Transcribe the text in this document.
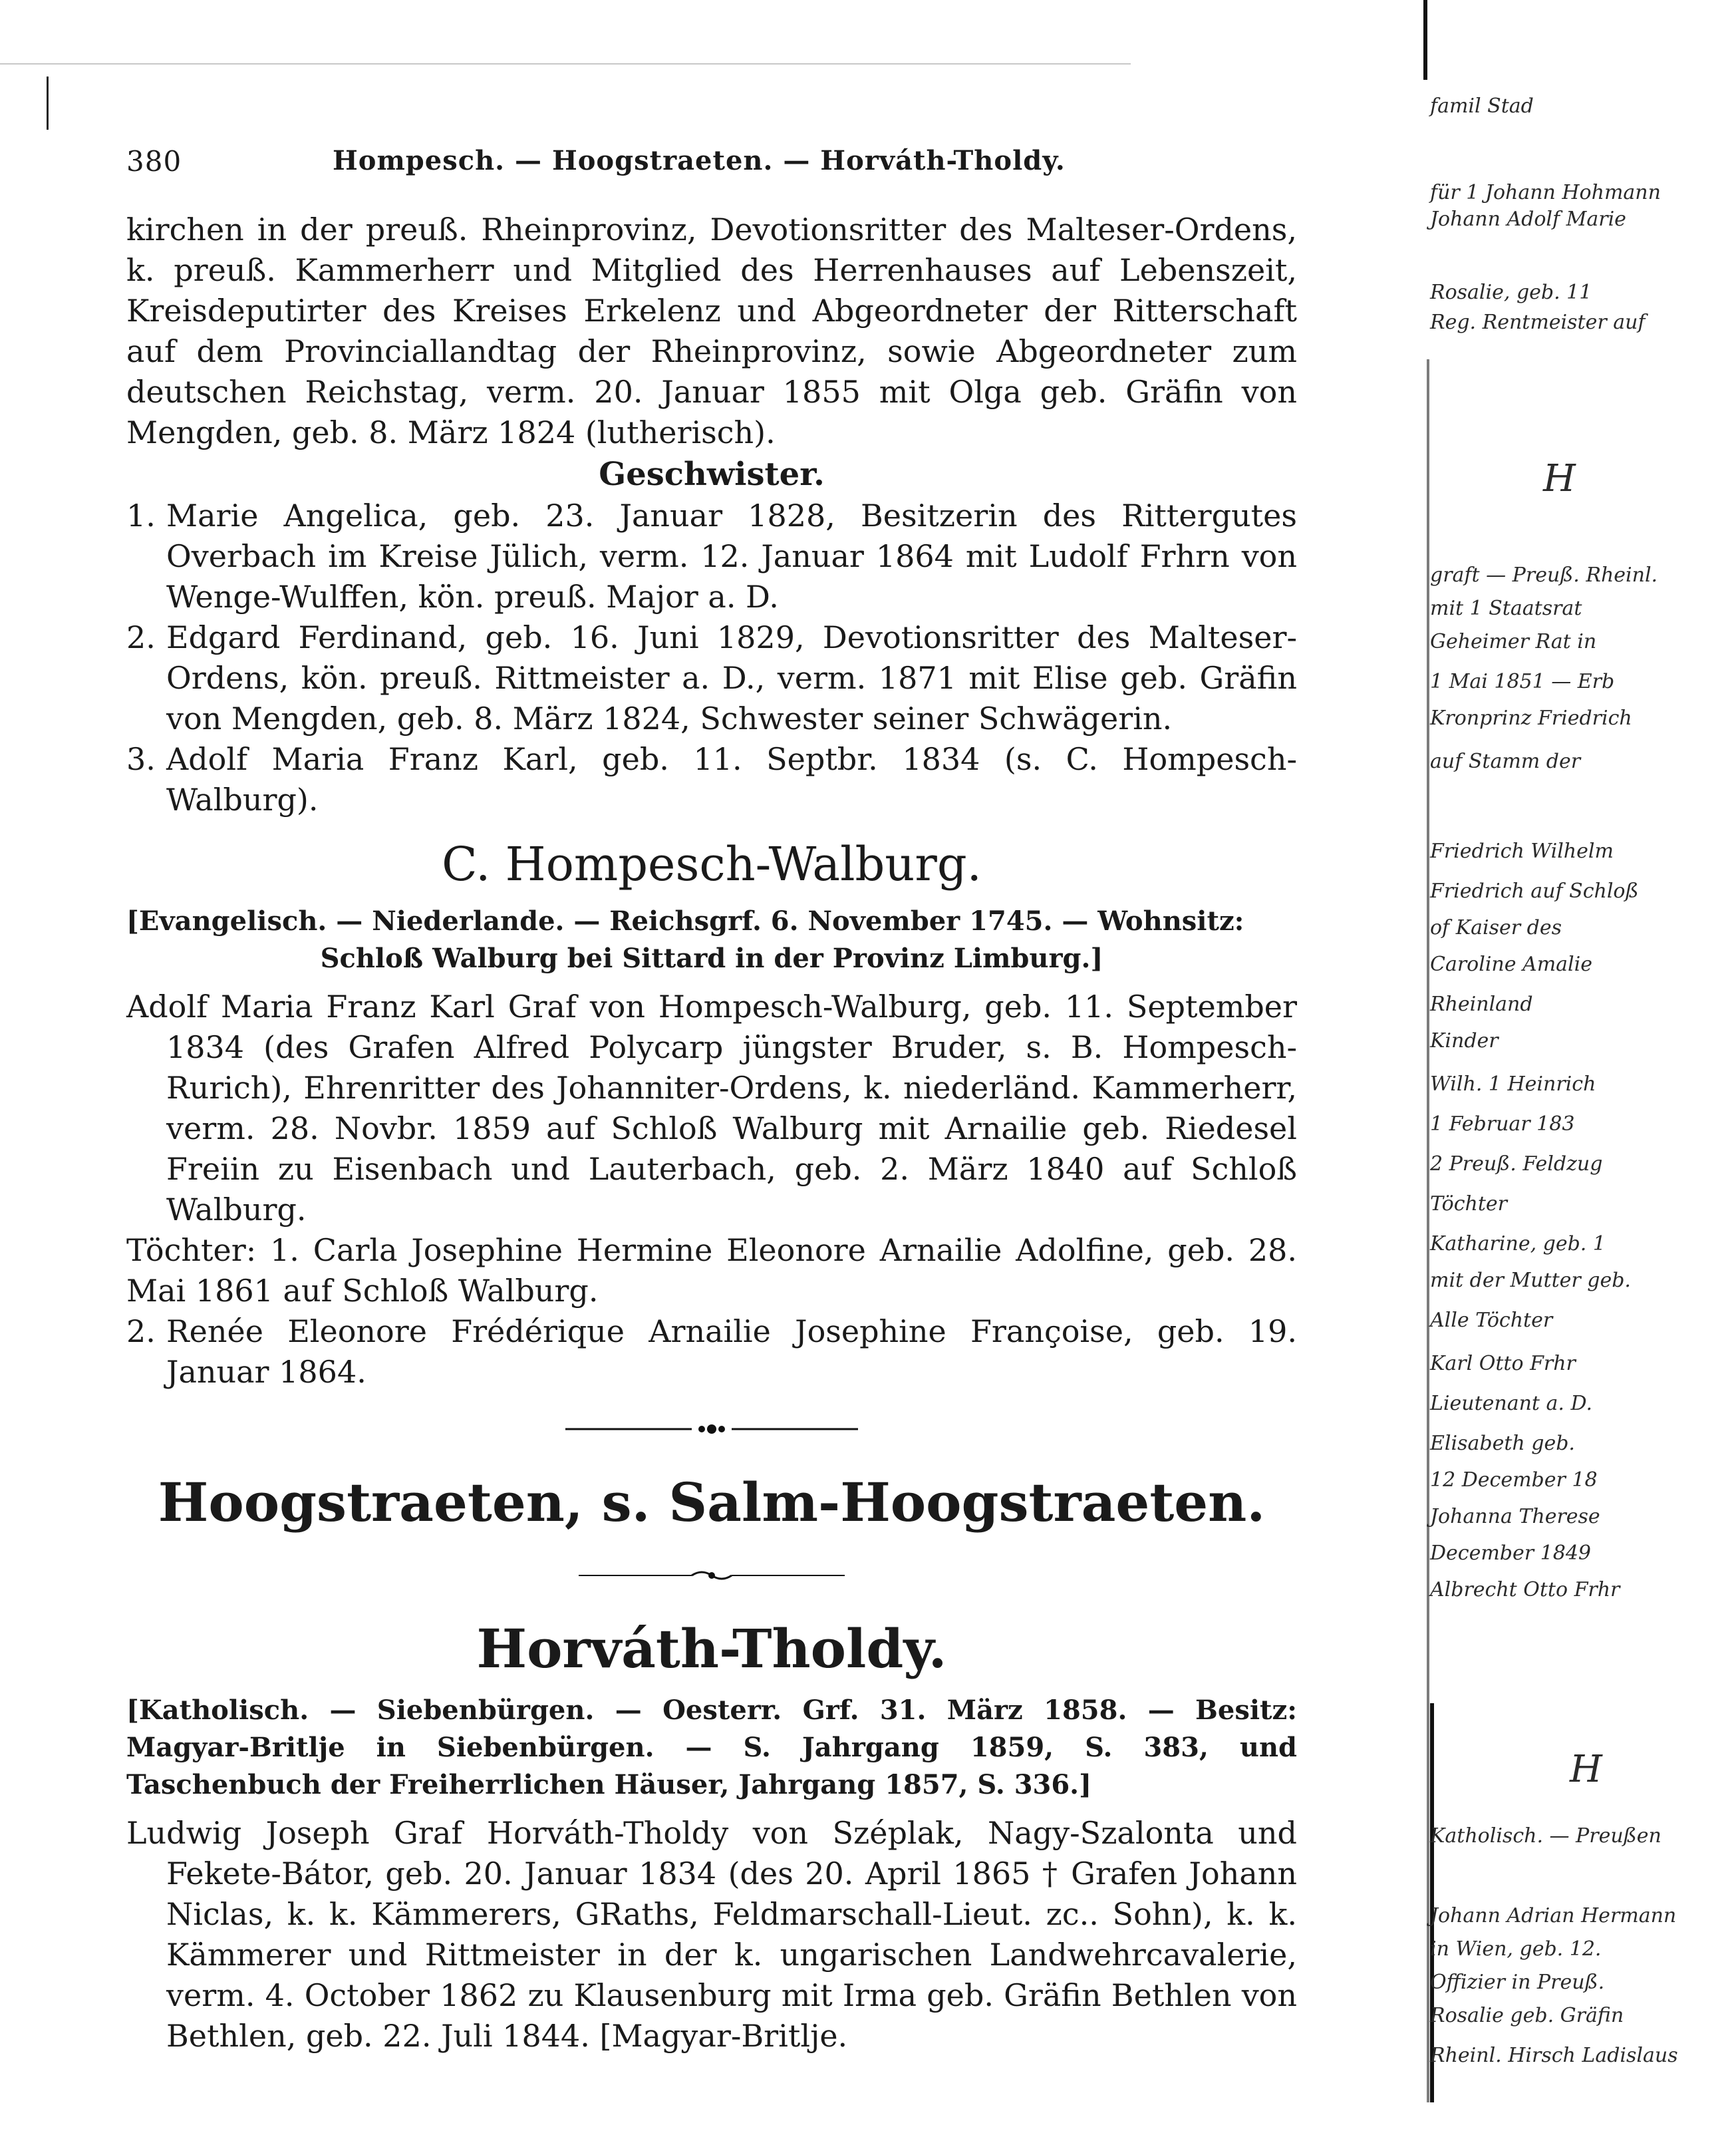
380	Hompesch. — Hoogstraeten. — Horváth-Tholdy.

kirchen in der preuß. Rheinprovinz, Devotionsritter des Malteser-Ordens, k. preuß. Kammerherr und Mitglied des Herrenhauses auf Lebenszeit, Kreisdeputirter des Kreises Erkelenz und Abgeordneter der Ritterschaft auf dem Provinciallandtag der Rheinprovinz, sowie Abgeordneter zum deutschen Reichstag, verm. 20. Januar 1855 mit Olga geb. Gräfin von Mengden, geb. 8. März 1824 (lutherisch).

Geschwister.

1. Marie Angelica, geb. 23. Januar 1828, Besitzerin des Rittergutes Overbach im Kreise Jülich, verm. 12. Januar 1864 mit Ludolf Frhrn von Wenge-Wulffen, kön. preuß. Major a. D.
2. Edgard Ferdinand, geb. 16. Juni 1829, Devotionsritter des Malteser-Ordens, kön. preuß. Rittmeister a. D., verm. 1871 mit Elise geb. Gräfin von Mengden, geb. 8. März 1824, Schwester seiner Schwägerin.
3. Adolf Maria Franz Karl, geb. 11. Septbr. 1834 (s. C. Hompesch-Walburg).

C. Hompesch-Walburg.

[Evangelisch. — Niederlande. — Reichsgrf. 6. November 1745. — Wohnsitz:

Schloß Walburg bei Sittard in der Provinz Limburg.]

Adolf Maria Franz Karl Graf von Hompesch-Walburg, geb. 11. September 1834 (des Grafen Alfred Polycarp jüngster Bruder, s. B. Hompesch-Rurich), Ehrenritter des Johanniter-Ordens, k. niederländ. Kammerherr, verm. 28. Novbr. 1859 auf Schloß Walburg mit Arnailie geb. Riedesel Freiin zu Eisenbach und Lauterbach, geb. 2. März 1840 auf Schloß Walburg.

Töchter: 1. Carla Josephine Hermine Eleonore Arnailie Adolfine, geb. 28. Mai 1861 auf Schloß Walburg.
2. Renée Eleonore Frédérique Arnailie Josephine Françoise, geb. 19. Januar 1864.

Hoogstraeten, s. Salm-Hoogstraeten.

Horváth-Tholdy.

[Katholisch. — Siebenbürgen. — Oesterr. Grf. 31. März 1858. — Besitz: Magyar-Britlje in Siebenbürgen. — S. Jahrgang 1859, S. 383, und Taschenbuch der Freiherrlichen Häuser, Jahrgang 1857, S. 336.]

Ludwig Joseph Graf Horváth-Tholdy von Széplak, Nagy-Szalonta und Fekete-Bátor, geb. 20. Januar 1834 (des 20. April 1865 † Grafen Johann Niclas, k. k. Kämmerers, GRaths, Feldmarschall-Lieut. zc.. Sohn), k. k. Kämmerer und Rittmeister in der k. ungarischen Landwehrcavalerie, verm. 4. October 1862 zu Klausenburg mit Irma geb. Gräfin Bethlen von Bethlen, geb. 22. Juli 1844. [Magyar-Britlje.

famil Stad
für 1 Johann Hohmann
Johann Adolf Marie
Rosalie, geb. 11
Reg. Rentmeister auf
H
graft — Preuß. Rheinl.
mit 1 Staatsrat
Geheimer Rat in
1 Mai 1851 — Erb
Kronprinz Friedrich
auf Stamm der
Friedrich Wilhelm
Friedrich auf Schloß
of Kaiser des
Caroline Amalie
Rheinland
Kinder
Wilh. 1 Heinrich
1 Februar 183
2 Preuß. Feldzug
Töchter
Katharine, geb. 1
mit der Mutter geb.
Alle Töchter
Karl Otto Frhr
Lieutenant a. D.
Elisabeth geb.
12 December 18
Johanna Therese
December 1849
Albrecht Otto Frhr
H
Katholisch. — Preußen
Johann Adrian Hermann
in Wien, geb. 12.
Offizier in Preuß.
Rosalie geb. Gräfin
Rheinl. Hirsch Ladislaus
